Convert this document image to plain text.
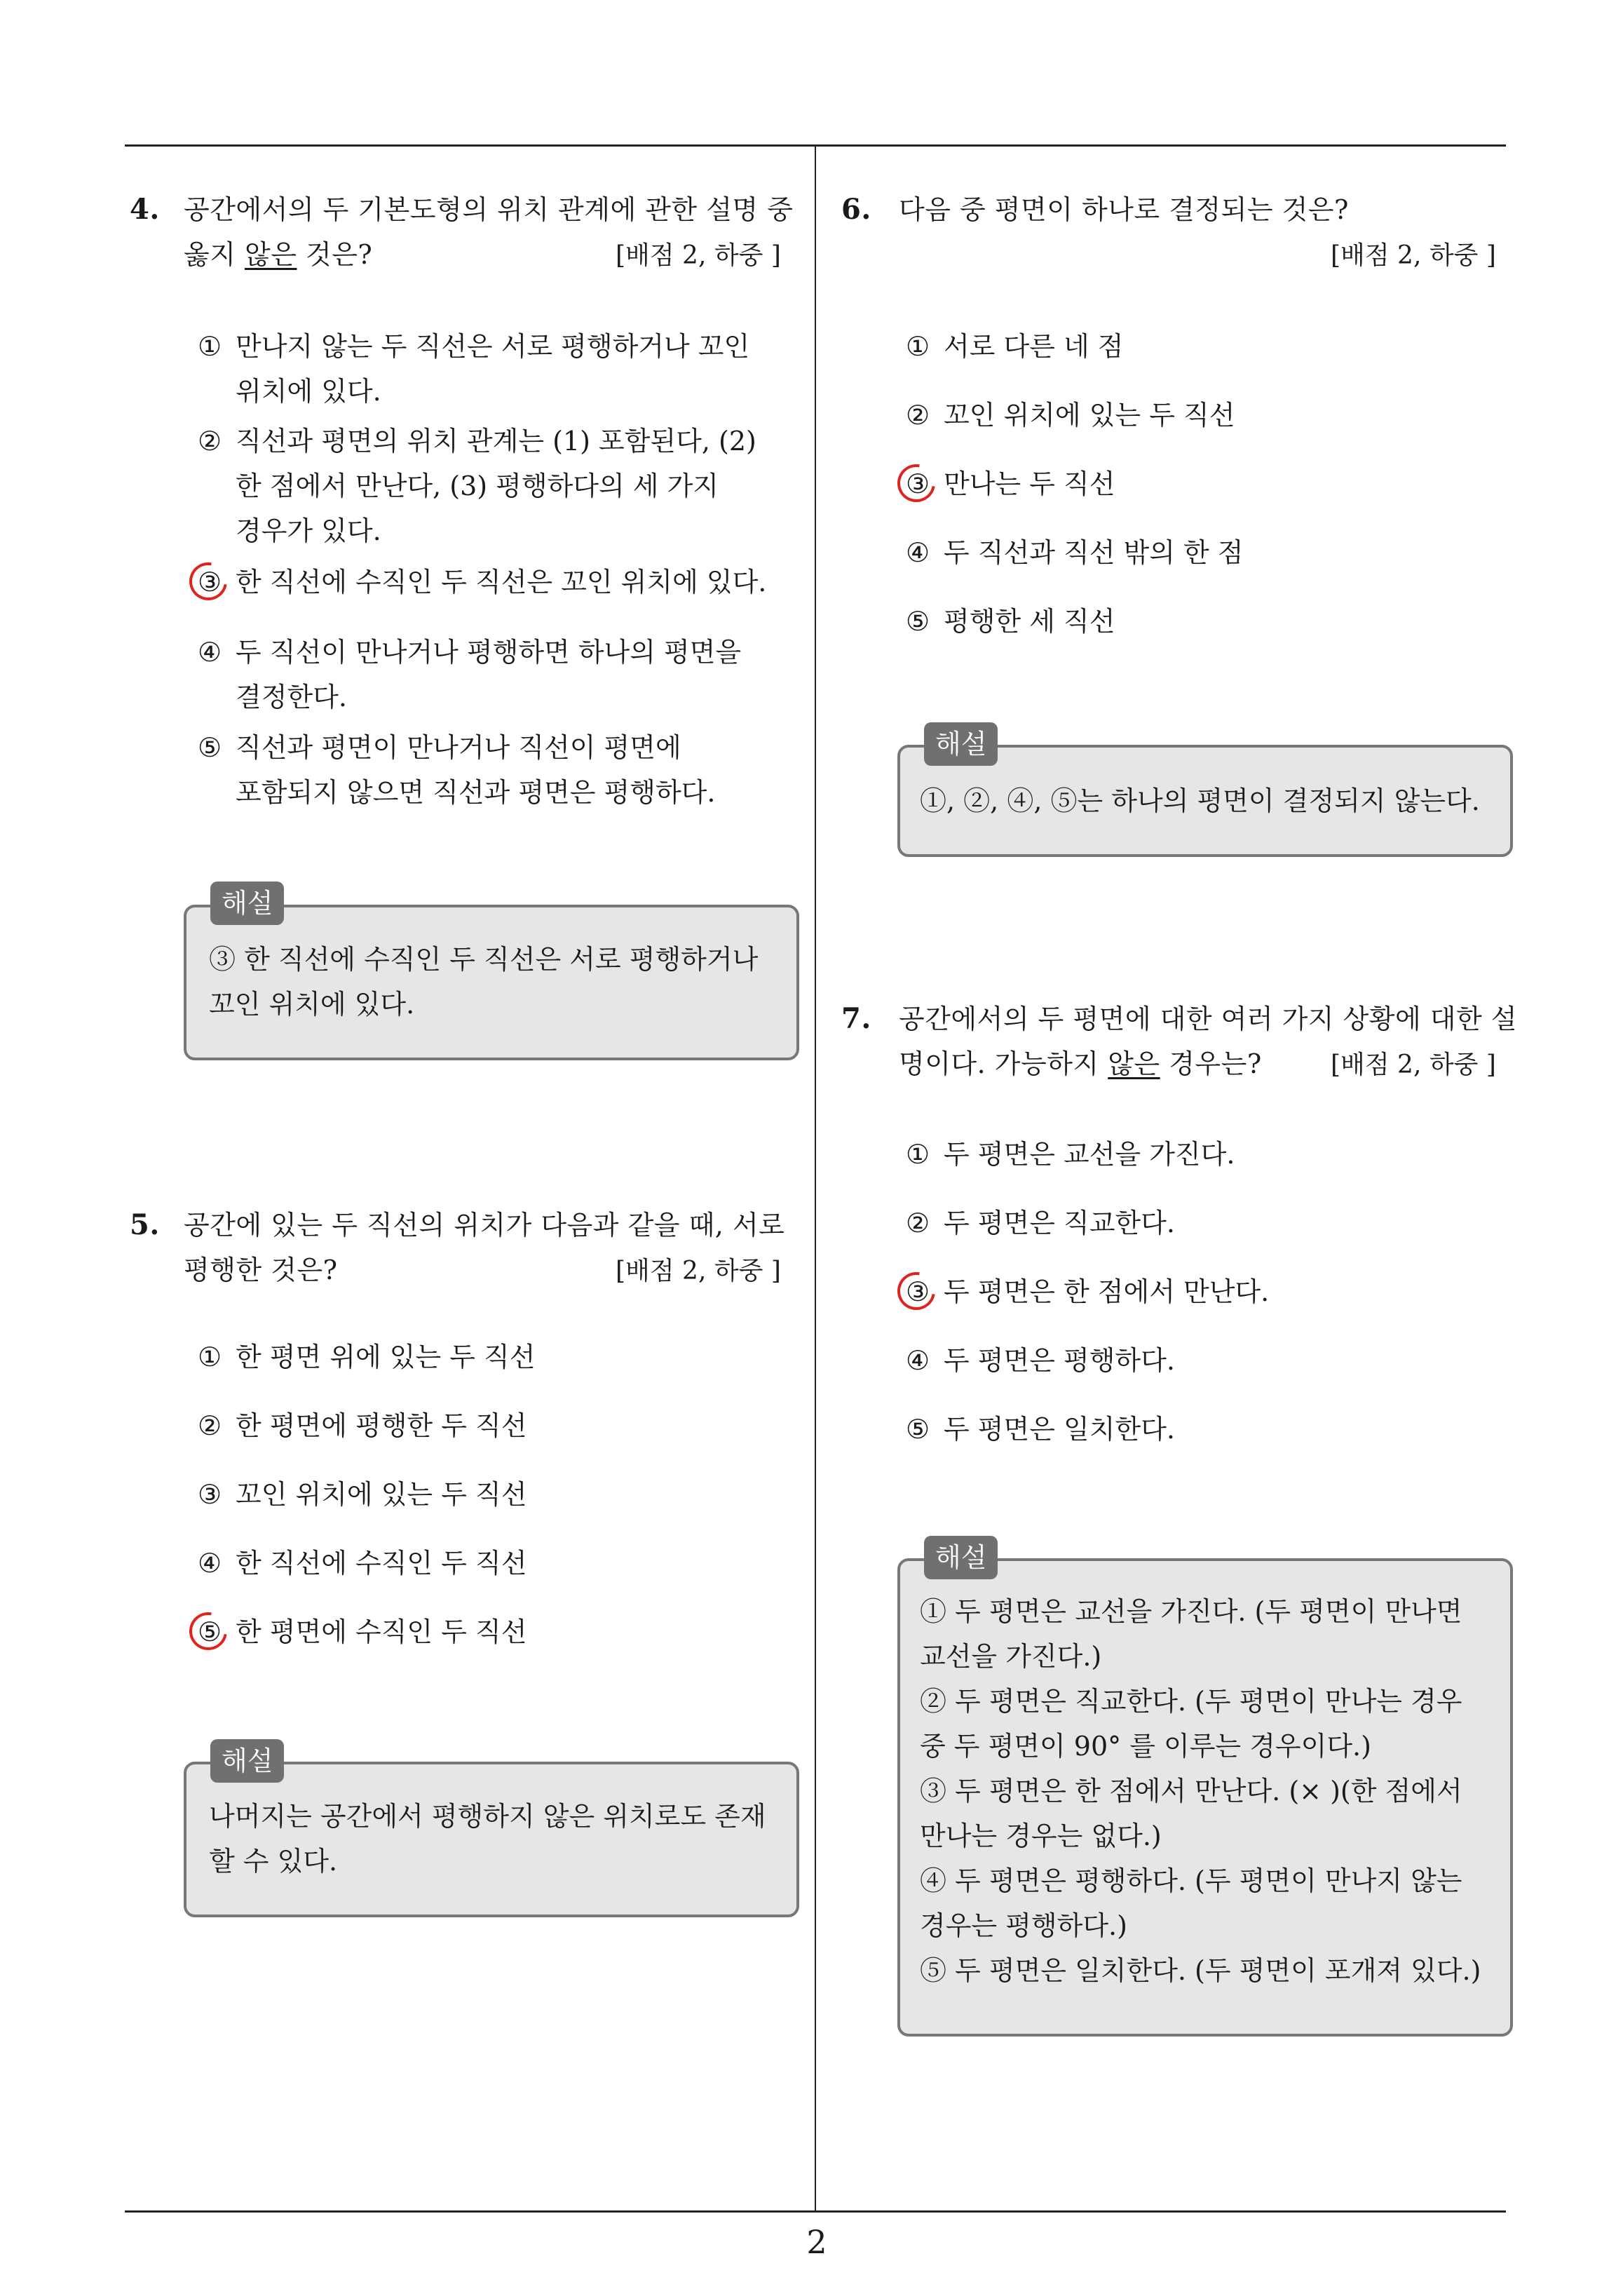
2
4. 공간에서의 두 기본도형의 위치 관계에 관한 설명 중
옳지 않은 것은?	[배점 2, 하중 ]
① 만나지 않는 두 직선은 서로 평행하거나 꼬인
위치에 있다.
② 직선과 평면의 위치 관계는 (1) 포함된다, (2)
한 점에서 만난다, (3) 평행하다의 세 가지
경우가 있다.
③ 한 직선에 수직인 두 직선은 꼬인 위치에 있다.
④ 두 직선이 만나거나 평행하면 하나의 평면을
결정한다.
⑤ 직선과 평면이 만나거나 직선이 평면에
포함되지 않으면 직선과 평면은 평행하다.
해설
③ 한 직선에 수직인 두 직선은 서로 평행하거나
꼬인 위치에 있다.
5. 공간에 있는 두 직선의 위치가 다음과 같을 때, 서로
평행한 것은?	[배점 2, 하중 ]
① 한 평면 위에 있는 두 직선
② 한 평면에 평행한 두 직선
③ 꼬인 위치에 있는 두 직선
④ 한 직선에 수직인 두 직선
⑤ 한 평면에 수직인 두 직선
해설
나머지는 공간에서 평행하지 않은 위치로도 존재
할 수 있다.
6. 다음 중 평면이 하나로 결정되는 것은?
[배점 2, 하중 ]
① 서로 다른 네 점
② 꼬인 위치에 있는 두 직선
③ 만나는 두 직선
④ 두 직선과 직선 밖의 한 점
⑤ 평행한 세 직선
해설
①, ②, ④, ⑤는 하나의 평면이 결정되지 않는다.
7. 공간에서의 두 평면에 대한 여러 가지 상황에 대한 설
명이다. 가능하지 않은 경우는?	[배점 2, 하중 ]
① 두 평면은 교선을 가진다.
② 두 평면은 직교한다.
③ 두 평면은 한 점에서 만난다.
④ 두 평면은 평행하다.
⑤ 두 평면은 일치한다.
해설
① 두 평면은 교선을 가진다. (두 평면이 만나면
교선을 가진다.)
② 두 평면은 직교한다. (두 평면이 만나는 경우
중 두 평면이 90° 를 이루는 경우이다.)
③ 두 평면은 한 점에서 만난다. (× )(한 점에서
만나는 경우는 없다.)
④ 두 평면은 평행하다. (두 평면이 만나지 않는
경우는 평행하다.)
⑤ 두 평면은 일치한다. (두 평면이 포개져 있다.)
